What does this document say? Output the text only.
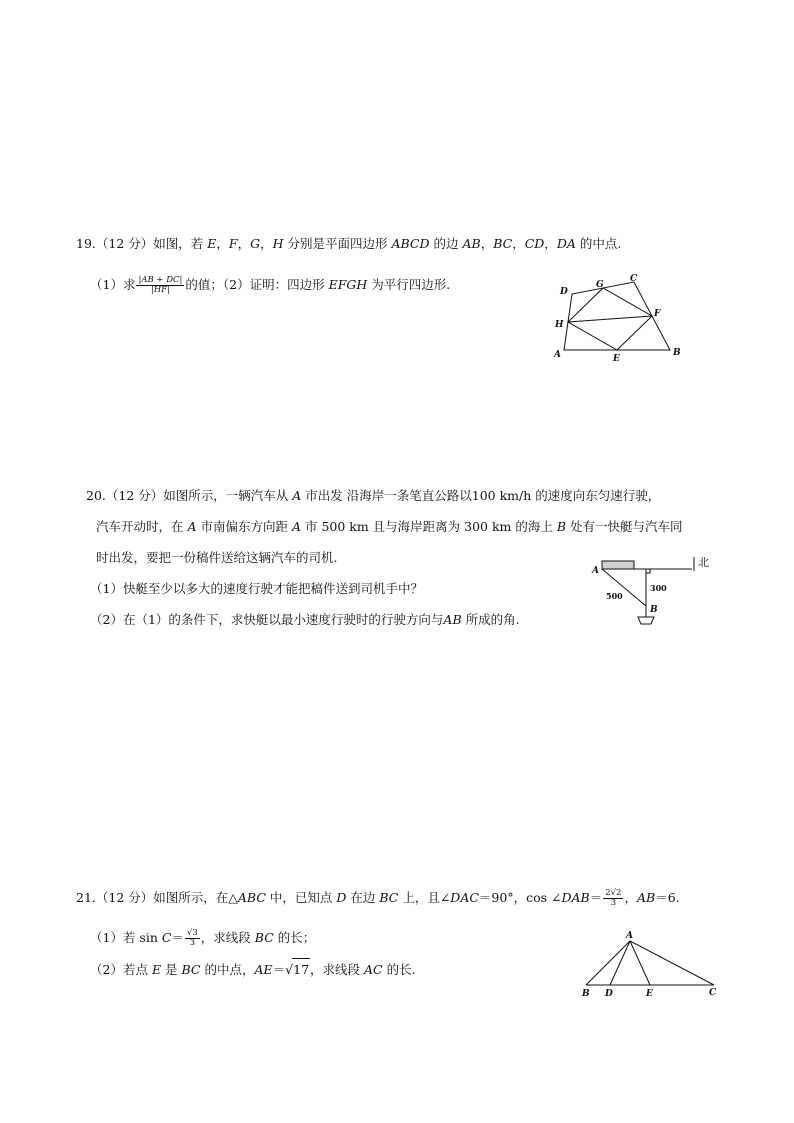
19.（12 分）如图，若 E，F，G，H 分别是平面四边形 ABCD 的边 AB，BC，CD，DA 的中点.
（1）求 $\frac{|AB + DC|}{|HF|}$ 的值；（2）证明：四边形 EFGH 为平行四边形.	D
G
C
H
F
A	E
B
20.（12 分）如图所示，一辆汽车从 A 市出发 沿海岸一条笔直公路以100 km/h 的速度向东匀速行驶，
汽车开动时，在 A 市南偏东方向距 A 市 500 km 且与海岸距离为 300 km 的海上 B 处有一快艇与汽车同
时出发，要把一份稿件送给这辆汽车的司机.
（1）快艇至少以多大的速度行驶才能把稿件送到司机手中？
（2）在（1）的条件下，求快艇以最小速度行驶时的行驶方向与AB 所成的角.
A
B
500
300
北
21.（12 分）如图所示，在△ABC 中，已知点 D 在边 BC 上，且∠DAC＝90°，cos ∠DAB＝ $\frac{2√2}{3}$ ，AB＝6.
（1）若 $\sin C= \frac{√3}{3}$ ，求线段 BC 的长；
（2）若点 E 是 BC 的中点，AE＝√17，求线段 AC 的长.
A
B D	E	C
